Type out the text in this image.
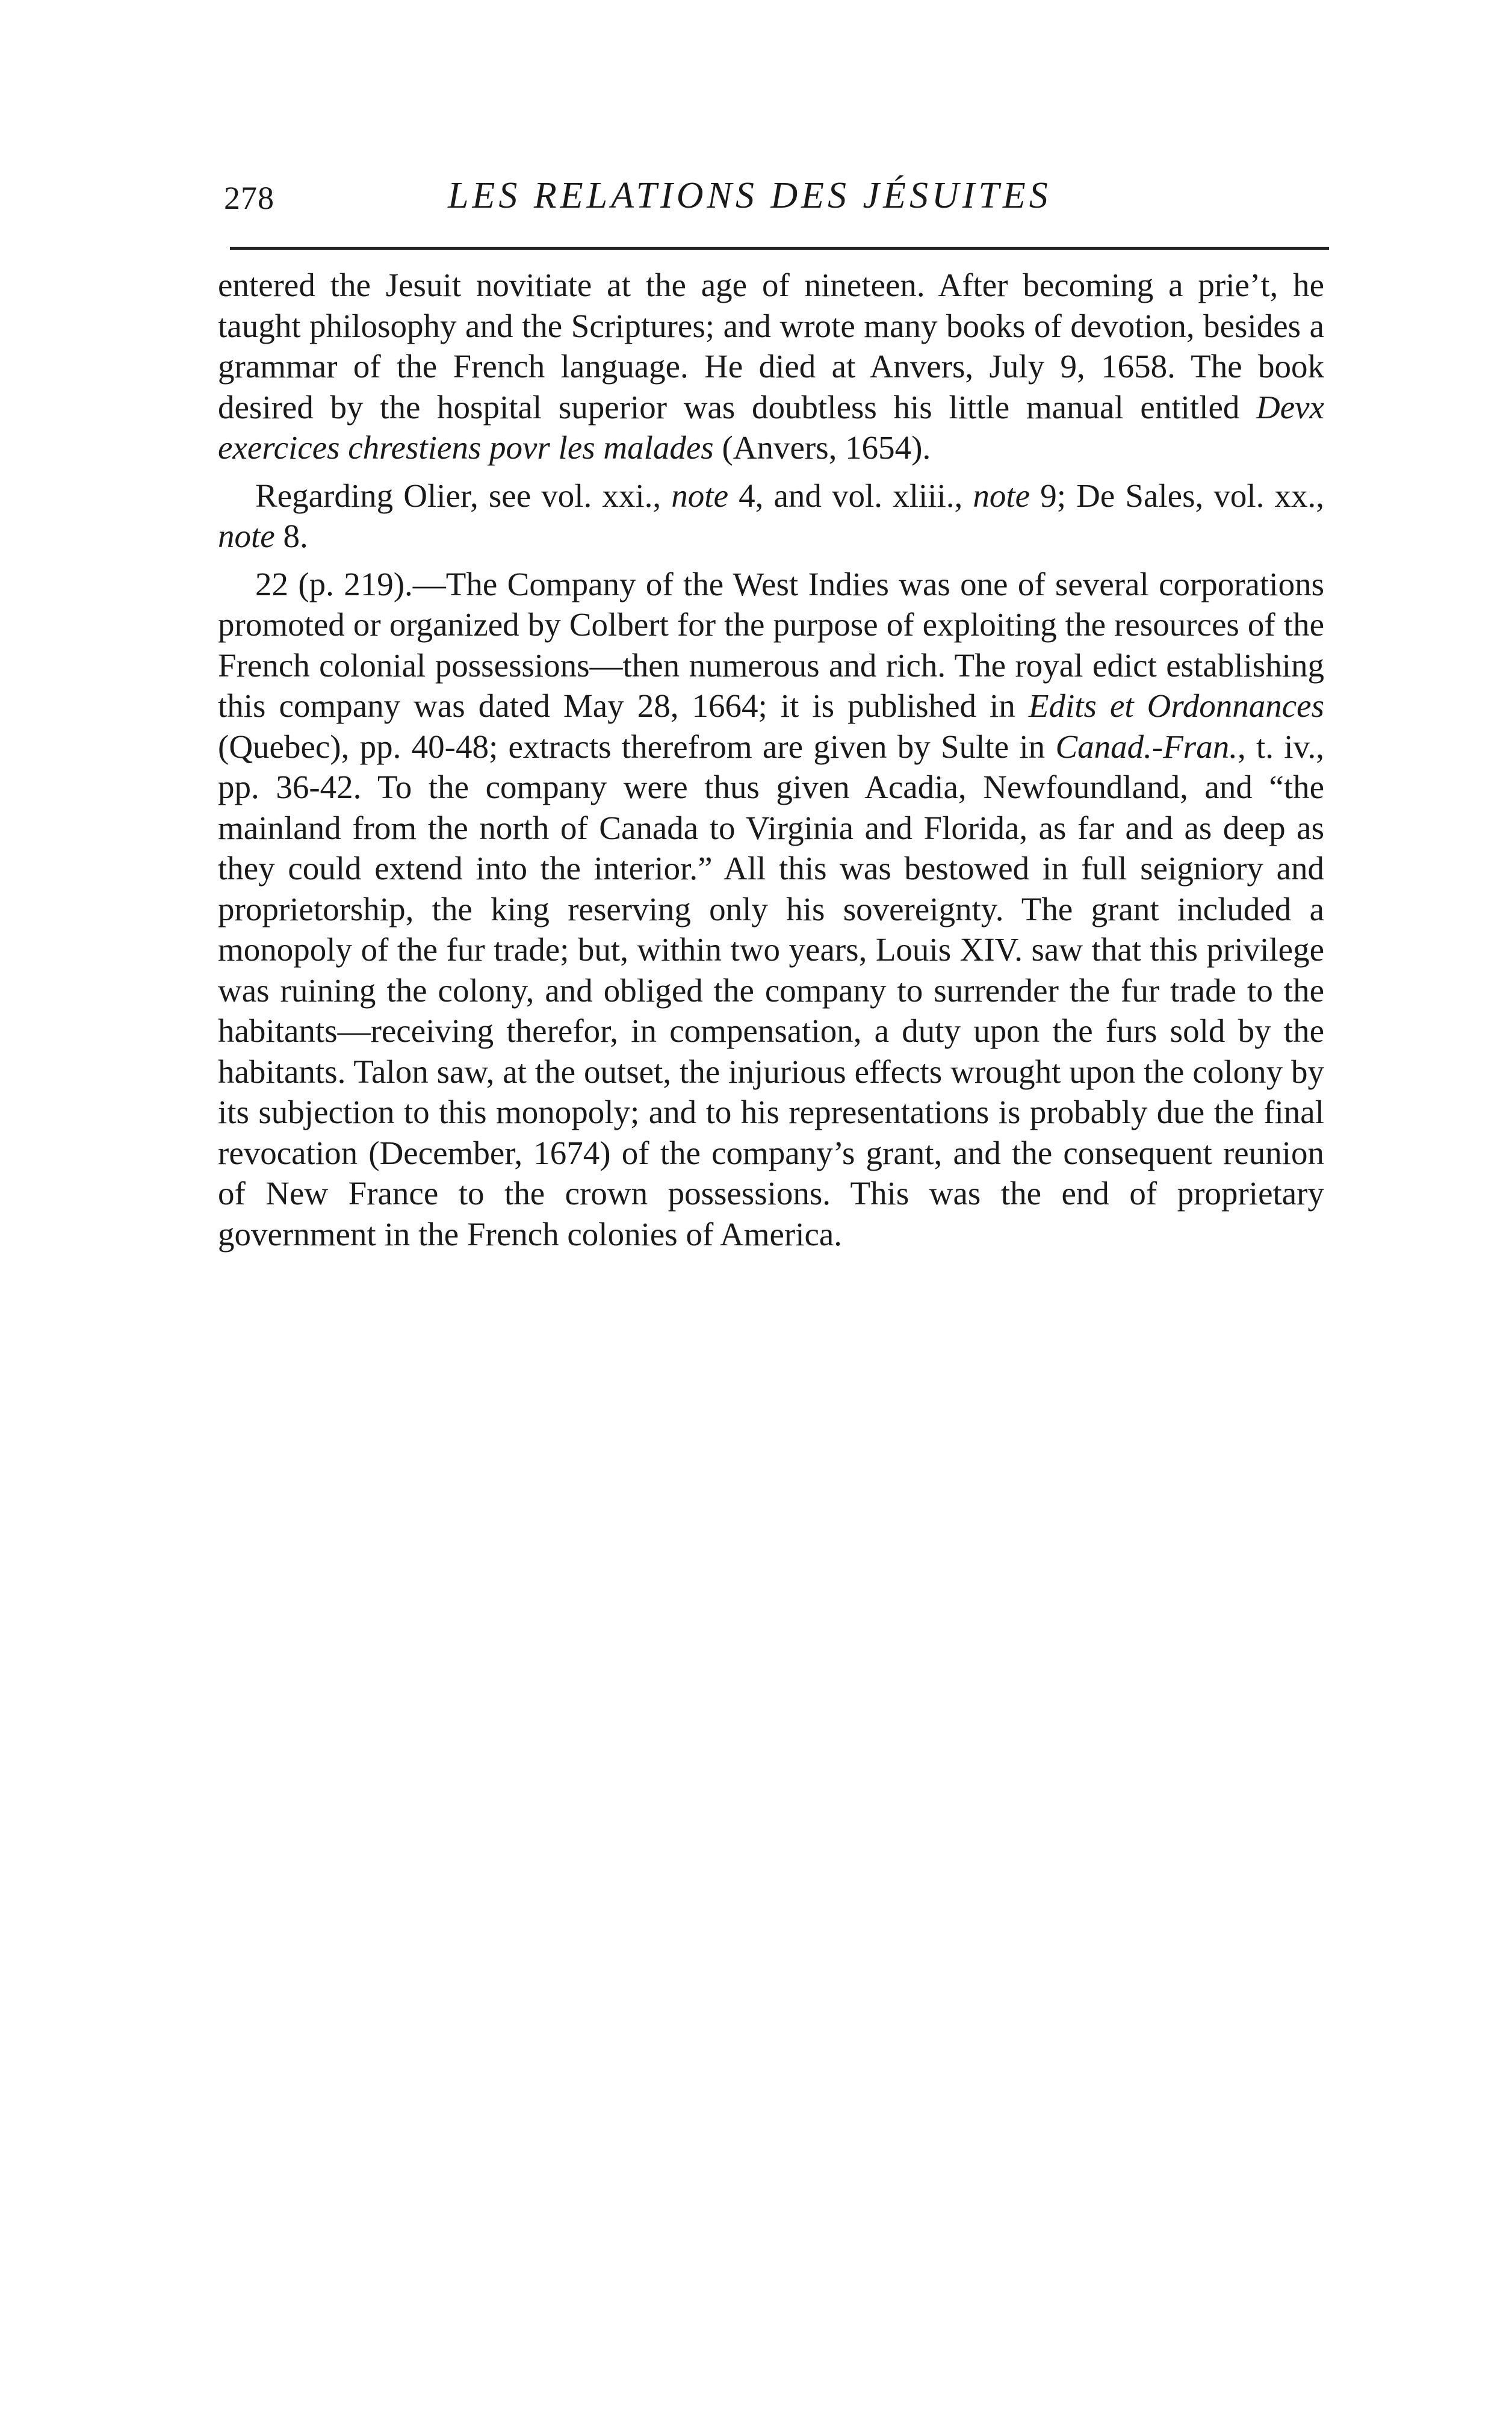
278	LES RELATIONS DES JÉSUITES

entered the Jesuit novitiate at the age of nineteen. After becoming a prieʼt, he taught philosophy and the Scriptures; and wrote many books of devotion, besides a grammar of the French language. He died at Anvers, July 9, 1658. The book desired by the hospital superior was doubtless his little manual entitled Devx exercices chrestiens povr les malades (Anvers, 1654).

Regarding Olier, see vol. xxi., note 4, and vol. xliii., note 9; De Sales, vol. xx., note 8.

22 (p. 219).—The Company of the West Indies was one of several corporations promoted or organized by Colbert for the purpose of exploiting the resources of the French colonial possessions—then numerous and rich. The royal edict establishing this company was dated May 28, 1664; it is published in Edits et Ordonnances (Quebec), pp. 40-48; extracts therefrom are given by Sulte in Canad.-Fran., t. iv., pp. 36-42. To the company were thus given Acadia, Newfoundland, and “the mainland from the north of Canada to Virginia and Florida, as far and as deep as they could extend into the interior.” All this was bestowed in full seigniory and proprietorship, the king reserving only his sovereignty. The grant included a monopoly of the fur trade; but, within two years, Louis XIV. saw that this privilege was ruining the colony, and obliged the company to surrender the fur trade to the habitants—receiving therefor, in compensation, a duty upon the furs sold by the habitants. Talon saw, at the outset, the injurious effects wrought upon the colony by its subjection to this monopoly; and to his representations is probably due the final revocation (December, 1674) of the company’s grant, and the consequent reunion of New France to the crown possessions. This was the end of proprietary government in the French colonies of America.
